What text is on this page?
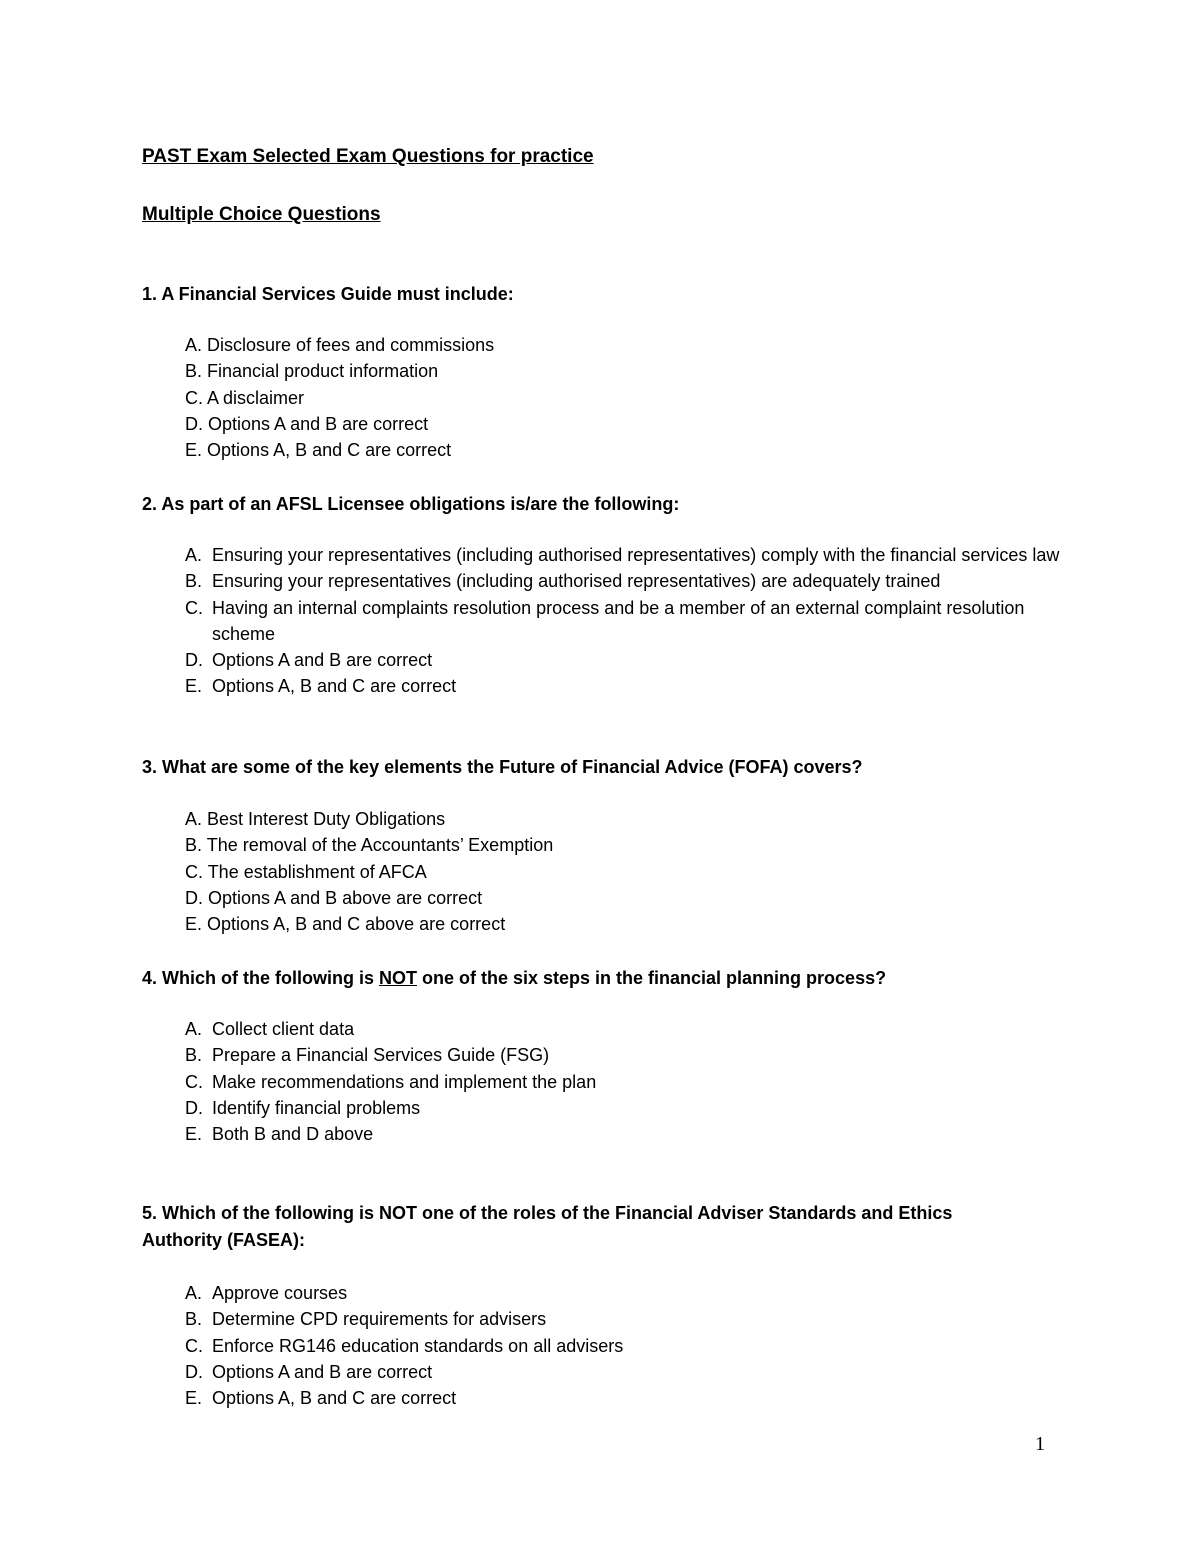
PAST Exam Selected Exam Questions for practice
Multiple Choice Questions
1. A Financial Services Guide must include:
A. Disclosure of fees and commissions
B. Financial product information
C. A disclaimer
D. Options A and B are correct
E. Options A, B and C are correct
2. As part of an AFSL Licensee obligations is/are the following:
A. Ensuring your representatives (including authorised representatives) comply with the financial services law
B. Ensuring your representatives (including authorised representatives) are adequately trained
C. Having an internal complaints resolution process and be a member of an external complaint resolution scheme
D. Options A and B are correct
E. Options A, B and C are correct
3. What are some of the key elements the Future of Financial Advice (FOFA) covers?
A. Best Interest Duty Obligations
B. The removal of the Accountants’ Exemption
C. The establishment of AFCA
D. Options A and B above are correct
E. Options A, B and C above are correct
4. Which of the following is NOT one of the six steps in the financial planning process?
A. Collect client data
B. Prepare a Financial Services Guide (FSG)
C. Make recommendations and implement the plan
D. Identify financial problems
E. Both B and D above
5. Which of the following is NOT one of the roles of the Financial Adviser Standards and Ethics Authority (FASEA):
A. Approve courses
B. Determine CPD requirements for advisers
C. Enforce RG146 education standards on all advisers
D. Options A and B are correct
E. Options A, B and C are correct
1
